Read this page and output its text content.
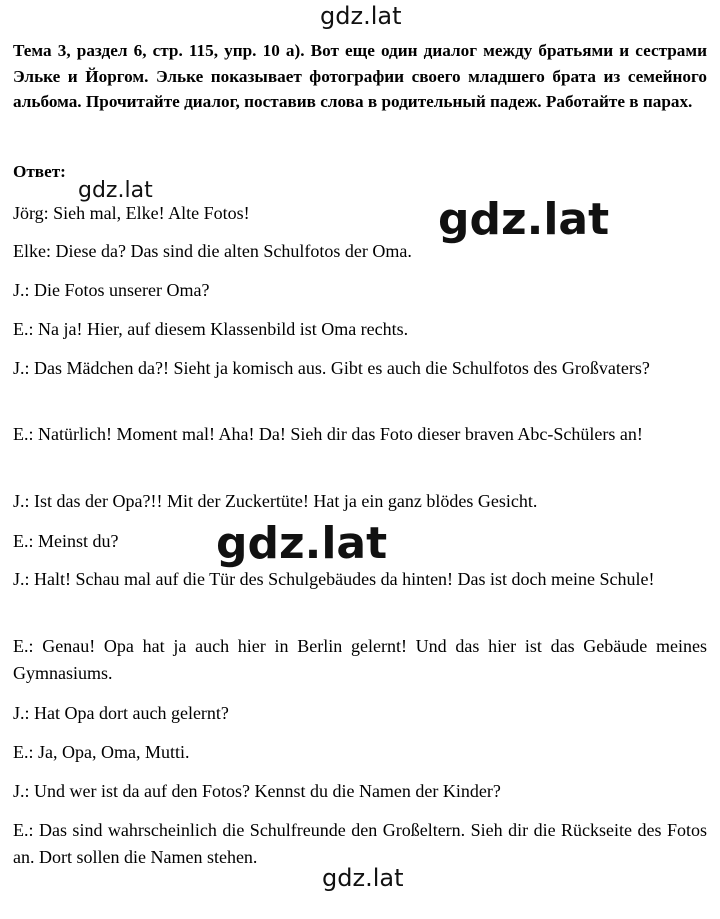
gdz.lat

Тема 3, раздел 6, стр. 115, упр. 10 а). Вот еще один диалог между братьями и сестрами Эльке и Йоргом. Эльке показывает фотографии своего младшего брата из семейного альбома. Прочитайте диалог, поставив слова в родительный падеж. Работайте в парах.

Ответ:

Jörg: Sieh mal, Elke! Alte Fotos!

Elke: Diese da? Das sind die alten Schulfotos der Oma.

J.: Die Fotos unserer Oma?

E.: Na ja! Hier, auf diesem Klassenbild ist Oma rechts.

J.: Das Mädchen da?! Sieht ja komisch aus. Gibt es auch die Schulfotos des Großvaters?

E.: Natürlich! Moment mal! Aha! Da! Sieh dir das Foto dieser braven Abc-Schülers an!

J.: Ist das der Opa?!! Mit der Zuckertüte! Hat ja ein ganz blödes Gesicht.

E.: Meinst du?

J.: Halt! Schau mal auf die Tür des Schulgebäudes da hinten! Das ist doch meine Schule!

E.: Genau! Opa hat ja auch hier in Berlin gelernt! Und das hier ist das Gebäude meines Gymnasiums.

J.: Hat Opa dort auch gelernt?

E.: Ja, Opa, Oma, Mutti.

J.: Und wer ist da auf den Fotos? Kennst du die Namen der Kinder?

E.: Das sind wahrscheinlich die Schulfreunde den Großeltern. Sieh dir die Rückseite des Fotos an. Dort sollen die Namen stehen.

gdz.lat
gdz.lat
gdz.lat
gdz.lat
